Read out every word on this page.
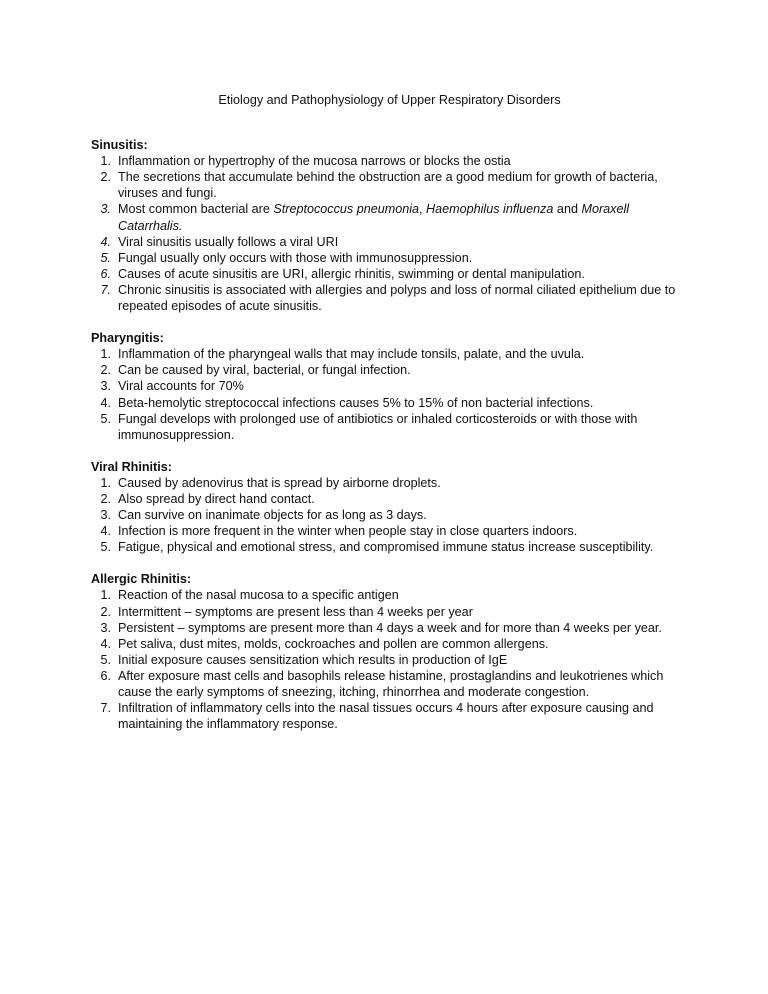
Etiology and Pathophysiology of Upper Respiratory Disorders
Sinusitis:
1. Inflammation or hypertrophy of the mucosa narrows or blocks the ostia
2. The secretions that accumulate behind the obstruction are a good medium for growth of bacteria, viruses and fungi.
3. Most common bacterial are Streptococcus pneumonia, Haemophilus influenza and Moraxell Catarrhalis.
4. Viral sinusitis usually follows a viral URI
5. Fungal usually only occurs with those with immunosuppression.
6. Causes of acute sinusitis are URI, allergic rhinitis, swimming or dental manipulation.
7. Chronic sinusitis is associated with allergies and polyps and loss of normal ciliated epithelium due to repeated episodes of acute sinusitis.
Pharyngitis:
1. Inflammation of the pharyngeal walls that may include tonsils, palate, and the uvula.
2. Can be caused by viral, bacterial, or fungal infection.
3. Viral accounts for 70%
4. Beta-hemolytic streptococcal infections causes 5% to 15% of non bacterial infections.
5. Fungal develops with prolonged use of antibiotics or inhaled corticosteroids or with those with immunosuppression.
Viral Rhinitis:
1. Caused by adenovirus that is spread by airborne droplets.
2. Also spread by direct hand contact.
3. Can survive on inanimate objects for as long as 3 days.
4. Infection is more frequent in the winter when people stay in close quarters indoors.
5. Fatigue, physical and emotional stress, and compromised immune status increase susceptibility.
Allergic Rhinitis:
1. Reaction of the nasal mucosa to a specific antigen
2. Intermittent – symptoms are present less than 4 weeks per year
3. Persistent – symptoms are present more than 4 days a week and for more than 4 weeks per year.
4. Pet saliva, dust mites, molds, cockroaches and pollen are common allergens.
5. Initial exposure causes sensitization which results in production of IgE
6. After exposure mast cells and basophils release histamine, prostaglandins and leukotrienes which cause the early symptoms of sneezing, itching, rhinorrhea and moderate congestion.
7. Infiltration of inflammatory cells into the nasal tissues occurs 4 hours after exposure causing and maintaining the inflammatory response.
